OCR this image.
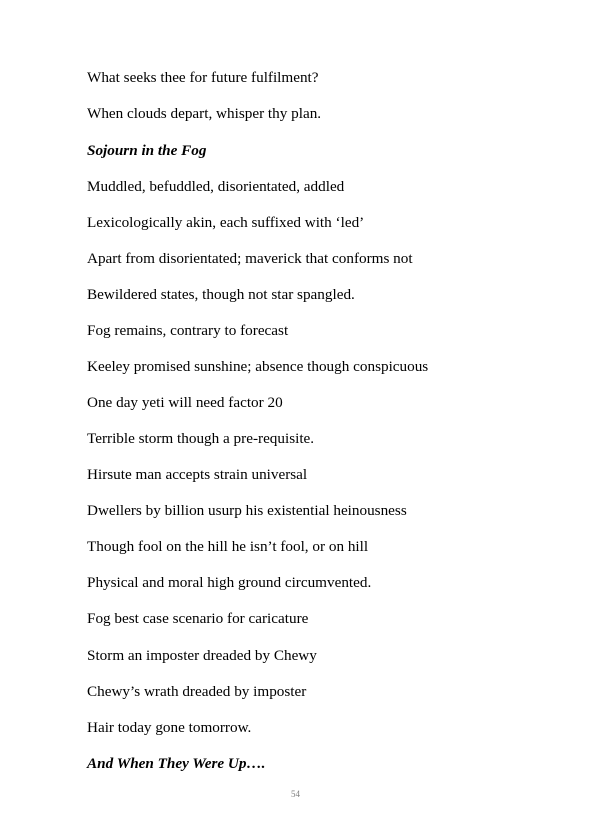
What seeks thee for future fulfilment?
When clouds depart, whisper thy plan.
Sojourn in the Fog
Muddled, befuddled, disorientated, addled
Lexicologically akin, each suffixed with ‘led’
Apart from disorientated; maverick that conforms not
Bewildered states, though not star spangled.
Fog remains, contrary to forecast
Keeley promised sunshine; absence though conspicuous
One day yeti will need factor 20
Terrible storm though a pre-requisite.
Hirsute man accepts strain universal
Dwellers by billion usurp his existential heinousness
Though fool on the hill he isn’t fool, or on hill
Physical and moral high ground circumvented.
Fog best case scenario for caricature
Storm an imposter dreaded by Chewy
Chewy’s wrath dreaded by imposter
Hair today gone tomorrow.
And When They Were Up….
54
